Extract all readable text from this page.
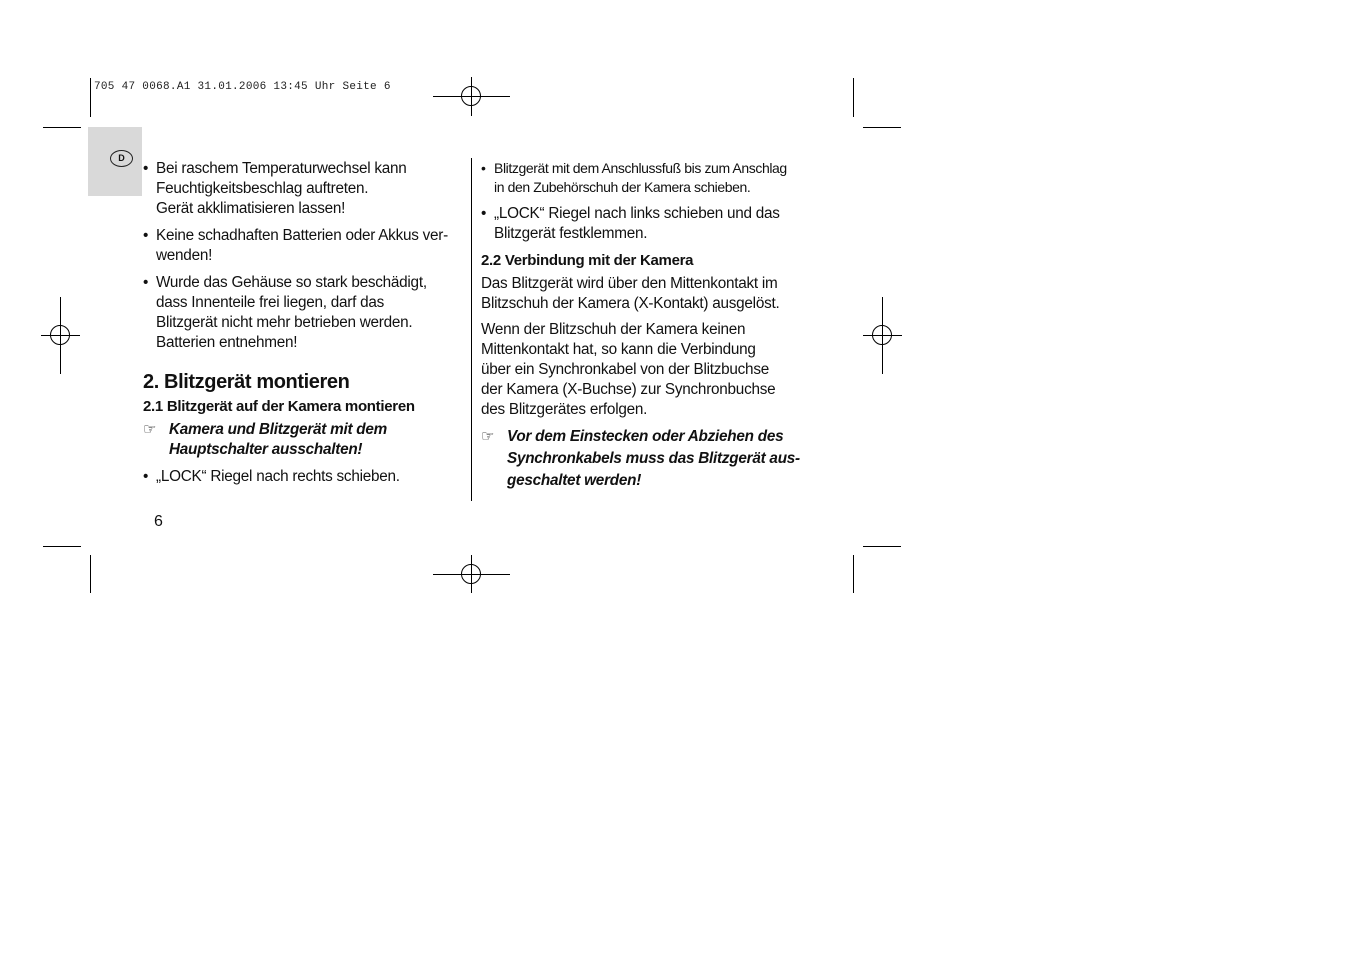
705 47 0068.A1 31.01.2006 13:45 Uhr Seite 6
D
• Bei raschem Temperaturwechsel kann
Feuchtigkeitsbeschlag auftreten.
Gerät akklimatisieren lassen!
• Keine schadhaften Batterien oder Akkus ver-
wenden!
• Wurde das Gehäuse so stark beschädigt,
dass Innenteile frei liegen, darf das
Blitzgerät nicht mehr betrieben werden.
Batterien entnehmen!
2. Blitzgerät montieren
2.1 Blitzgerät auf der Kamera montieren
☞ Kamera und Blitzgerät mit dem
Hauptschalter ausschalten!
• „LOCK“ Riegel nach rechts schieben.
• Blitzgerät mit dem Anschlussfuß bis zum Anschlag
in den Zubehörschuh der Kamera schieben.
• „LOCK“ Riegel nach links schieben und das
Blitzgerät festklemmen.
2.2 Verbindung mit der Kamera
Das Blitzgerät wird über den Mittenkontakt im
Blitzschuh der Kamera (X-Kontakt) ausgelöst.
Wenn der Blitzschuh der Kamera keinen
Mittenkontakt hat, so kann die Verbindung
über ein Synchronkabel von der Blitzbuchse
der Kamera (X-Buchse) zur Synchronbuchse
des Blitzgerätes erfolgen.
☞ Vor dem Einstecken oder Abziehen des
Synchronkabels muss das Blitzgerät aus-
geschaltet werden!
6
